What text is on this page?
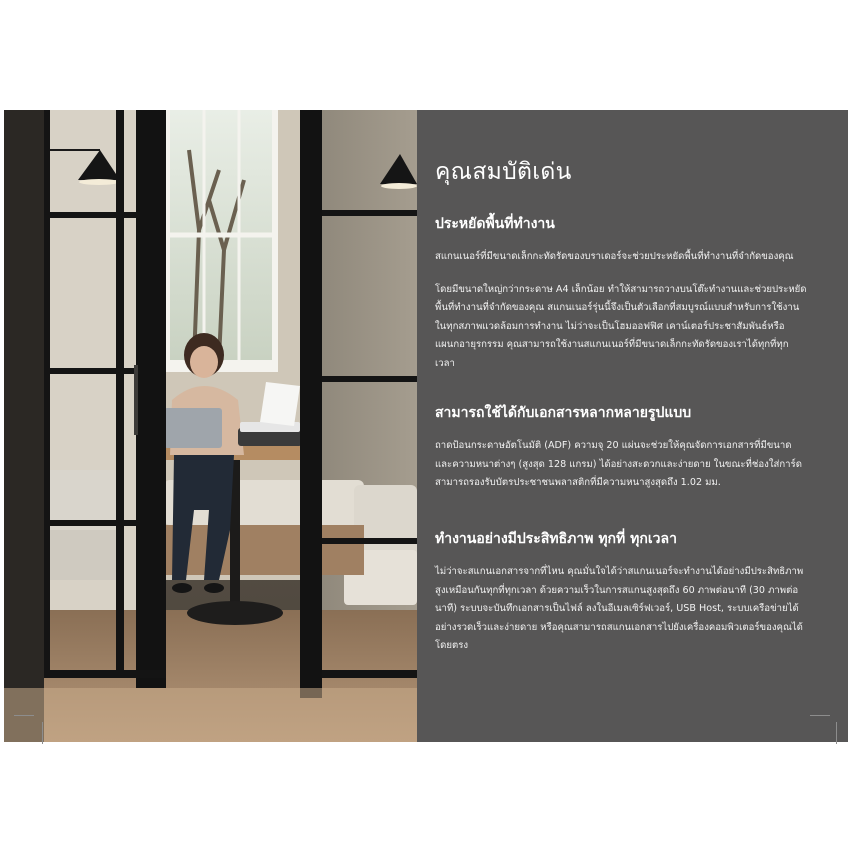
คุณสมบัติเด่น
ประหยัดพื้นที่ทำงาน

สแกนเนอร์ที่มีขนาดเล็กกะทัดรัดของบราเดอร์จะช่วยประหยัดพื้นที่ทำงานที่จำกัดของคุณ

โดยมีขนาดใหญ่กว่ากระดาษ A4 เล็กน้อย ทำให้สามารถวางบนโต๊ะทำงานและช่วยประหยัดพื้นที่ทำงานที่จำกัดของคุณ สแกนเนอร์รุ่นนี้จึงเป็นตัวเลือกที่สมบูรณ์แบบสำหรับการใช้งานในทุกสภาพแวดล้อมการทำงาน ไม่ว่าจะเป็นโฮมออฟฟิศ เคาน์เตอร์ประชาสัมพันธ์หรือแผนกอายุรกรรม คุณสามารถใช้งานสแกนเนอร์ที่มีขนาดเล็กกะทัดรัดของเราได้ทุกที่ทุกเวลา

สามารถใช้ได้กับเอกสารหลากหลายรูปแบบ

ถาดป้อนกระดาษอัตโนมัติ (ADF) ความจุ 20 แผ่นจะช่วยให้คุณจัดการเอกสารที่มีขนาดและความหนาต่างๆ (สูงสุด 128 แกรม) ได้อย่างสะดวกและง่ายดาย ในขณะที่ช่องใส่การ์ดสามารถรองรับบัตรประชาชนพลาสติกที่มีความหนาสูงสุดถึง 1.02 มม.

ทำงานอย่างมีประสิทธิภาพ ทุกที่ ทุกเวลา

ไม่ว่าจะสแกนเอกสารจากที่ไหน คุณมั่นใจได้ว่าสแกนเนอร์จะทำงานได้อย่างมีประสิทธิภาพสูงเหมือนกันทุกที่ทุกเวลา ด้วยความเร็วในการสแกนสูงสุดถึง 60 ภาพต่อนาที (30 ภาพต่อนาที) ระบบจะบันทึกเอกสารเป็นไฟล์ ลงในอีเมลเซิร์ฟเวอร์, USB Host, ระบบเครือข่ายได้อย่างรวดเร็วและง่ายดาย หรือคุณสามารถสแกนเอกสารไปยังเครื่องคอมพิวเตอร์ของคุณได้โดยตรง
